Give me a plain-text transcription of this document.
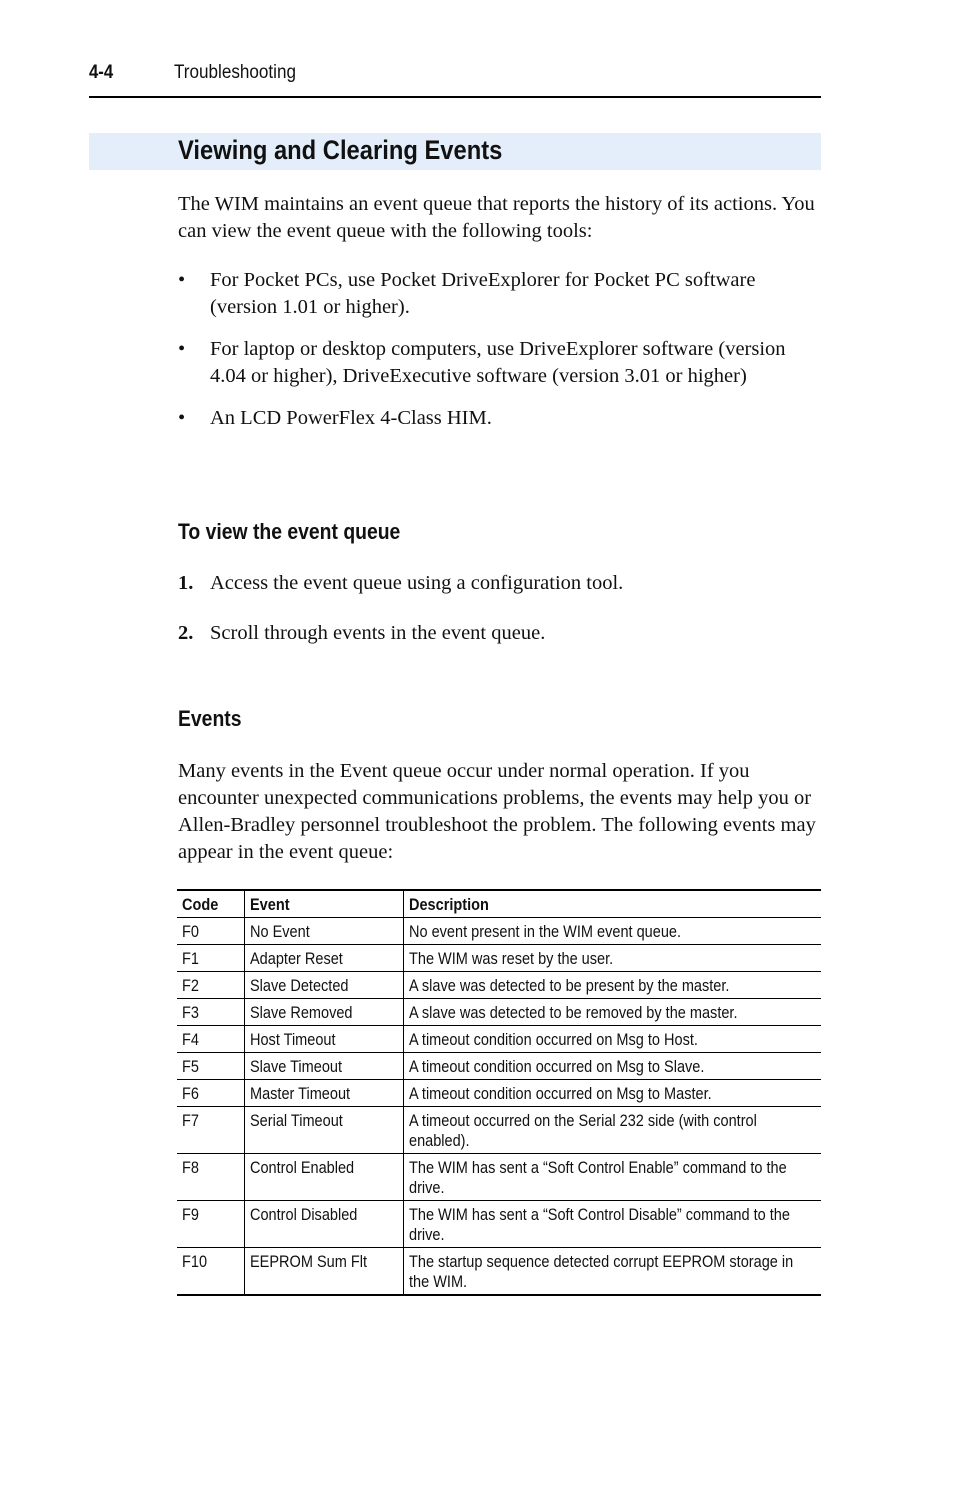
4-4	Troubleshooting
Viewing and Clearing Events

The WIM maintains an event queue that reports the history of its actions. You can view the event queue with the following tools:

• For Pocket PCs, use Pocket DriveExplorer for Pocket PC software (version 1.01 or higher).
• For laptop or desktop computers, use DriveExplorer software (version 4.04 or higher), DriveExecutive software (version 3.01 or higher)
• An LCD PowerFlex 4-Class HIM.
To view the event queue
1. Access the event queue using a configuration tool.
2. Scroll through events in the event queue.
Events

Many events in the Event queue occur under normal operation. If you encounter unexpected communications problems, the events may help you or Allen-Bradley personnel troubleshoot the problem. The following events may appear in the event queue:

Code	Event	Description
F0	No Event	No event present in the WIM event queue.
F1	Adapter Reset	The WIM was reset by the user.
F2	Slave Detected	A slave was detected to be present by the master.
F3	Slave Removed	A slave was detected to be removed by the master.
F4	Host Timeout	A timeout condition occurred on Msg to Host.
F5	Slave Timeout	A timeout condition occurred on Msg to Slave.
F6	Master Timeout	A timeout condition occurred on Msg to Master.
F7	Serial Timeout	A timeout occurred on the Serial 232 side (with control enabled).
F8	Control Enabled	The WIM has sent a “Soft Control Enable” command to the drive.
F9	Control Disabled	The WIM has sent a “Soft Control Disable” command to the drive.
F10	EEPROM Sum Flt	The startup sequence detected corrupt EEPROM storage in the WIM.
